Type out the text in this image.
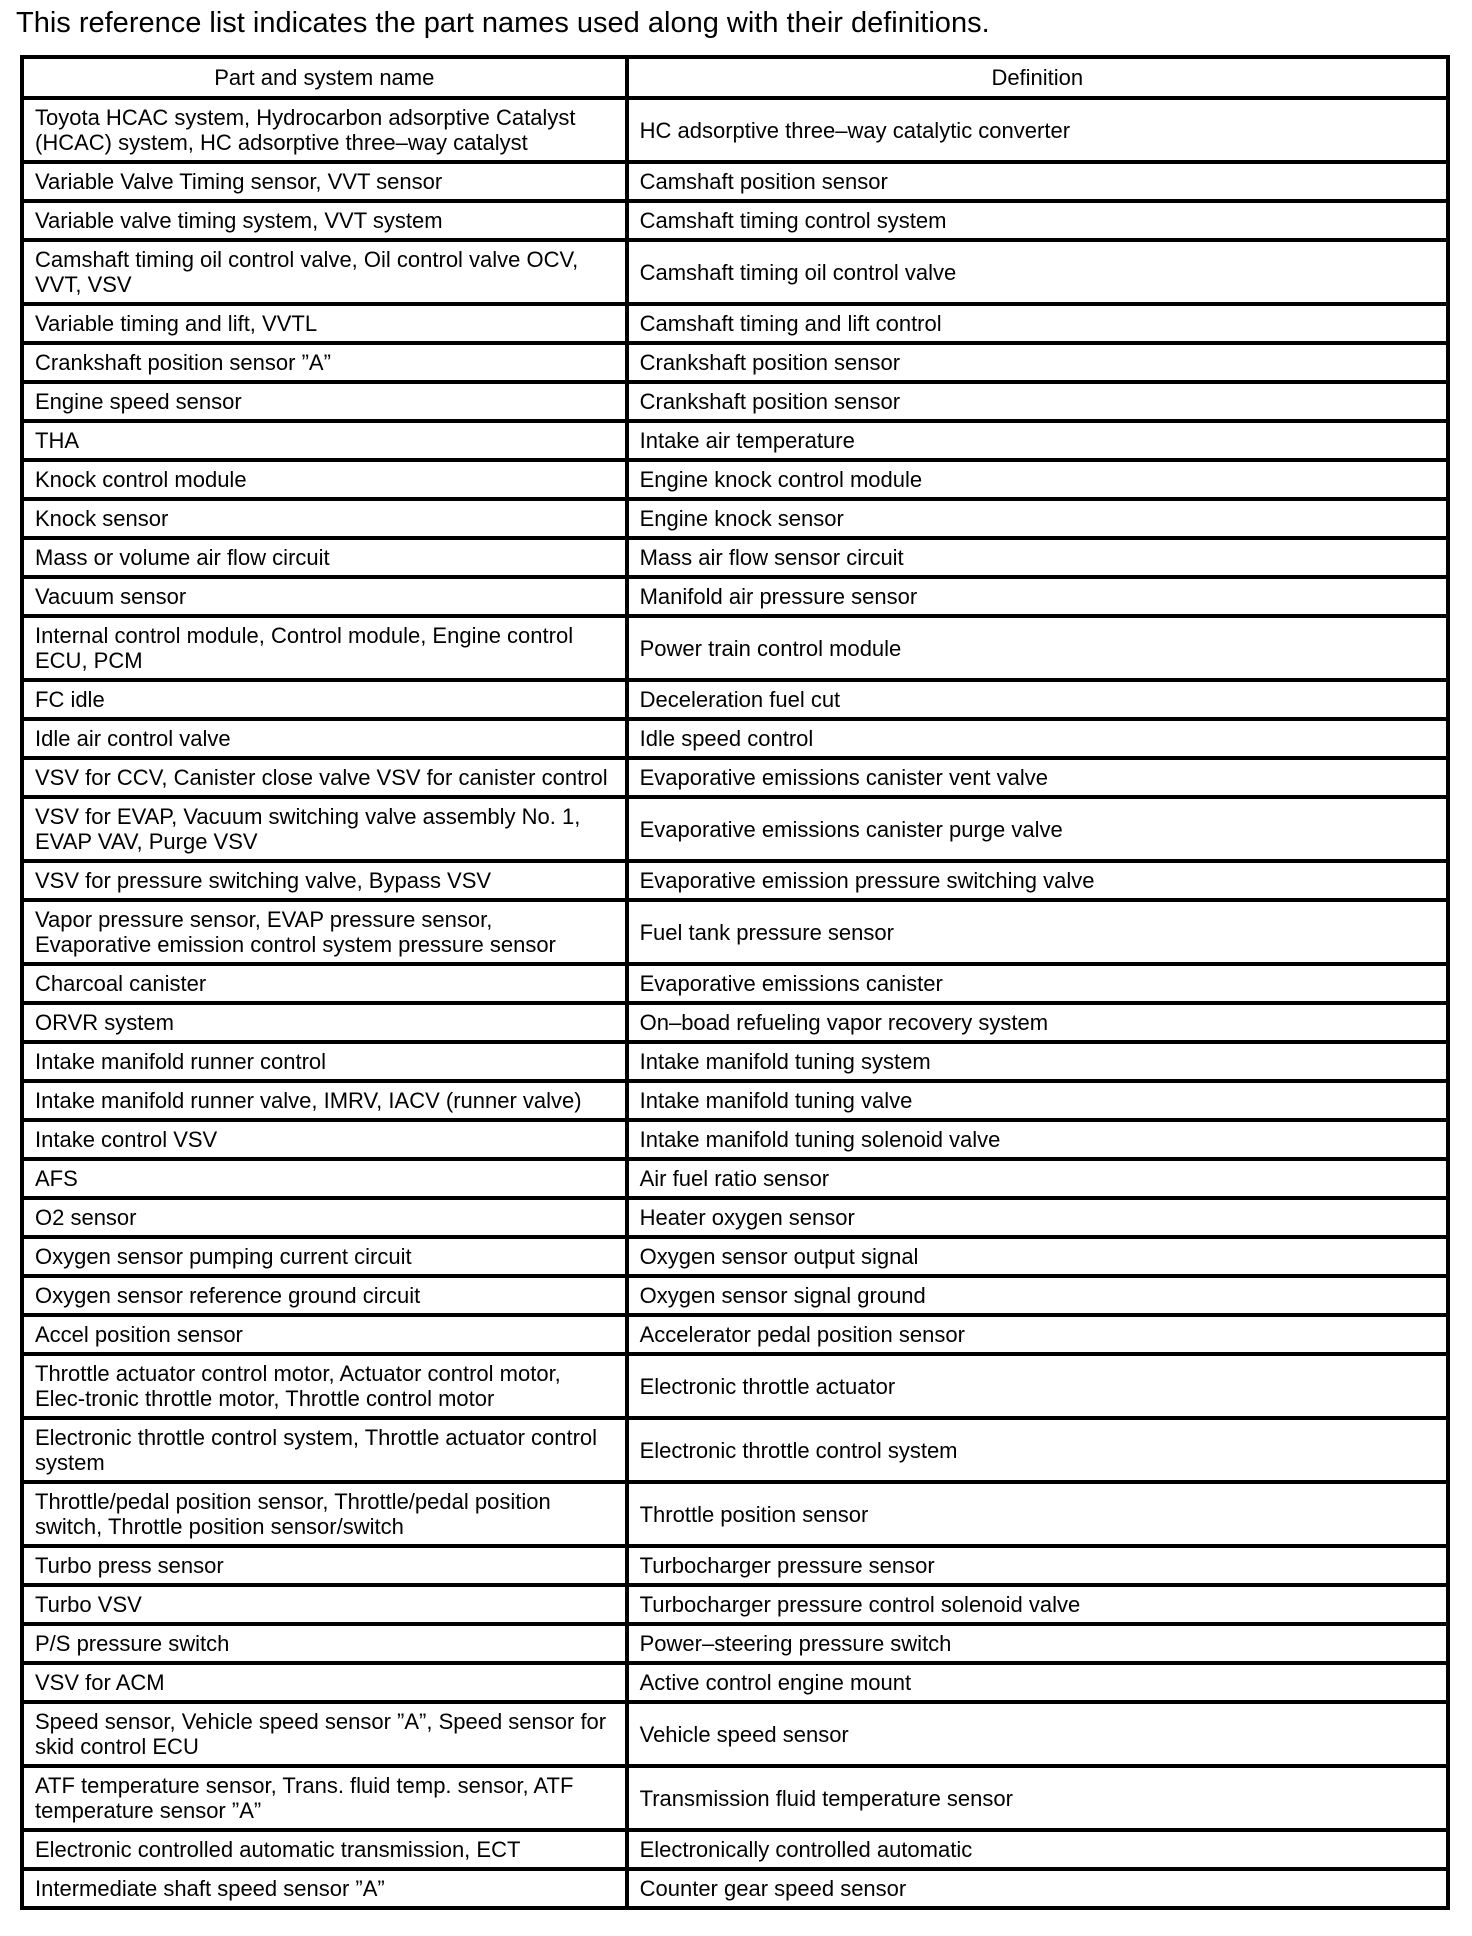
This reference list indicates the part names used along with their definitions.

Part and system name	Definition
Toyota HCAC system, Hydrocarbon adsorptive Catalyst (HCAC) system, HC adsorptive three–way catalyst	HC adsorptive three–way catalytic converter
Variable Valve Timing sensor, VVT sensor	Camshaft position sensor
Variable valve timing system, VVT system	Camshaft timing control system
Camshaft timing oil control valve, Oil control valve OCV, VVT, VSV	Camshaft timing oil control valve
Variable timing and lift, VVTL	Camshaft timing and lift control
Crankshaft position sensor ”A”	Crankshaft position sensor
Engine speed sensor	Crankshaft position sensor
THA	Intake air temperature
Knock control module	Engine knock control module
Knock sensor	Engine knock sensor
Mass or volume air flow circuit	Mass air flow sensor circuit
Vacuum sensor	Manifold air pressure sensor
Internal control module, Control module, Engine control ECU, PCM	Power train control module
FC idle	Deceleration fuel cut
Idle air control valve	Idle speed control
VSV for CCV, Canister close valve VSV for canister control	Evaporative emissions canister vent valve
VSV for EVAP, Vacuum switching valve assembly No. 1, EVAP VAV, Purge VSV	Evaporative emissions canister purge valve
VSV for pressure switching valve, Bypass VSV	Evaporative emission pressure switching valve
Vapor pressure sensor, EVAP pressure sensor, Evaporative emission control system pressure sensor	Fuel tank pressure sensor
Charcoal canister	Evaporative emissions canister
ORVR system	On–boad refueling vapor recovery system
Intake manifold runner control	Intake manifold tuning system
Intake manifold runner valve, IMRV, IACV (runner valve)	Intake manifold tuning valve
Intake control VSV	Intake manifold tuning solenoid valve
AFS	Air fuel ratio sensor
O2 sensor	Heater oxygen sensor
Oxygen sensor pumping current circuit	Oxygen sensor output signal
Oxygen sensor reference ground circuit	Oxygen sensor signal ground
Accel position sensor	Accelerator pedal position sensor
Throttle actuator control motor, Actuator control motor, Elec-tronic throttle motor, Throttle control motor	Electronic throttle actuator
Electronic throttle control system, Throttle actuator control system	Electronic throttle control system
Throttle/pedal position sensor, Throttle/pedal position switch, Throttle position sensor/switch	Throttle position sensor
Turbo press sensor	Turbocharger pressure sensor
Turbo VSV	Turbocharger pressure control solenoid valve
P/S pressure switch	Power–steering pressure switch
VSV for ACM	Active control engine mount
Speed sensor, Vehicle speed sensor ”A”, Speed sensor for skid control ECU	Vehicle speed sensor
ATF temperature sensor, Trans. fluid temp. sensor, ATF temperature sensor ”A”	Transmission fluid temperature sensor
Electronic controlled automatic transmission, ECT	Electronically controlled automatic
Intermediate shaft speed sensor ”A”	Counter gear speed sensor
